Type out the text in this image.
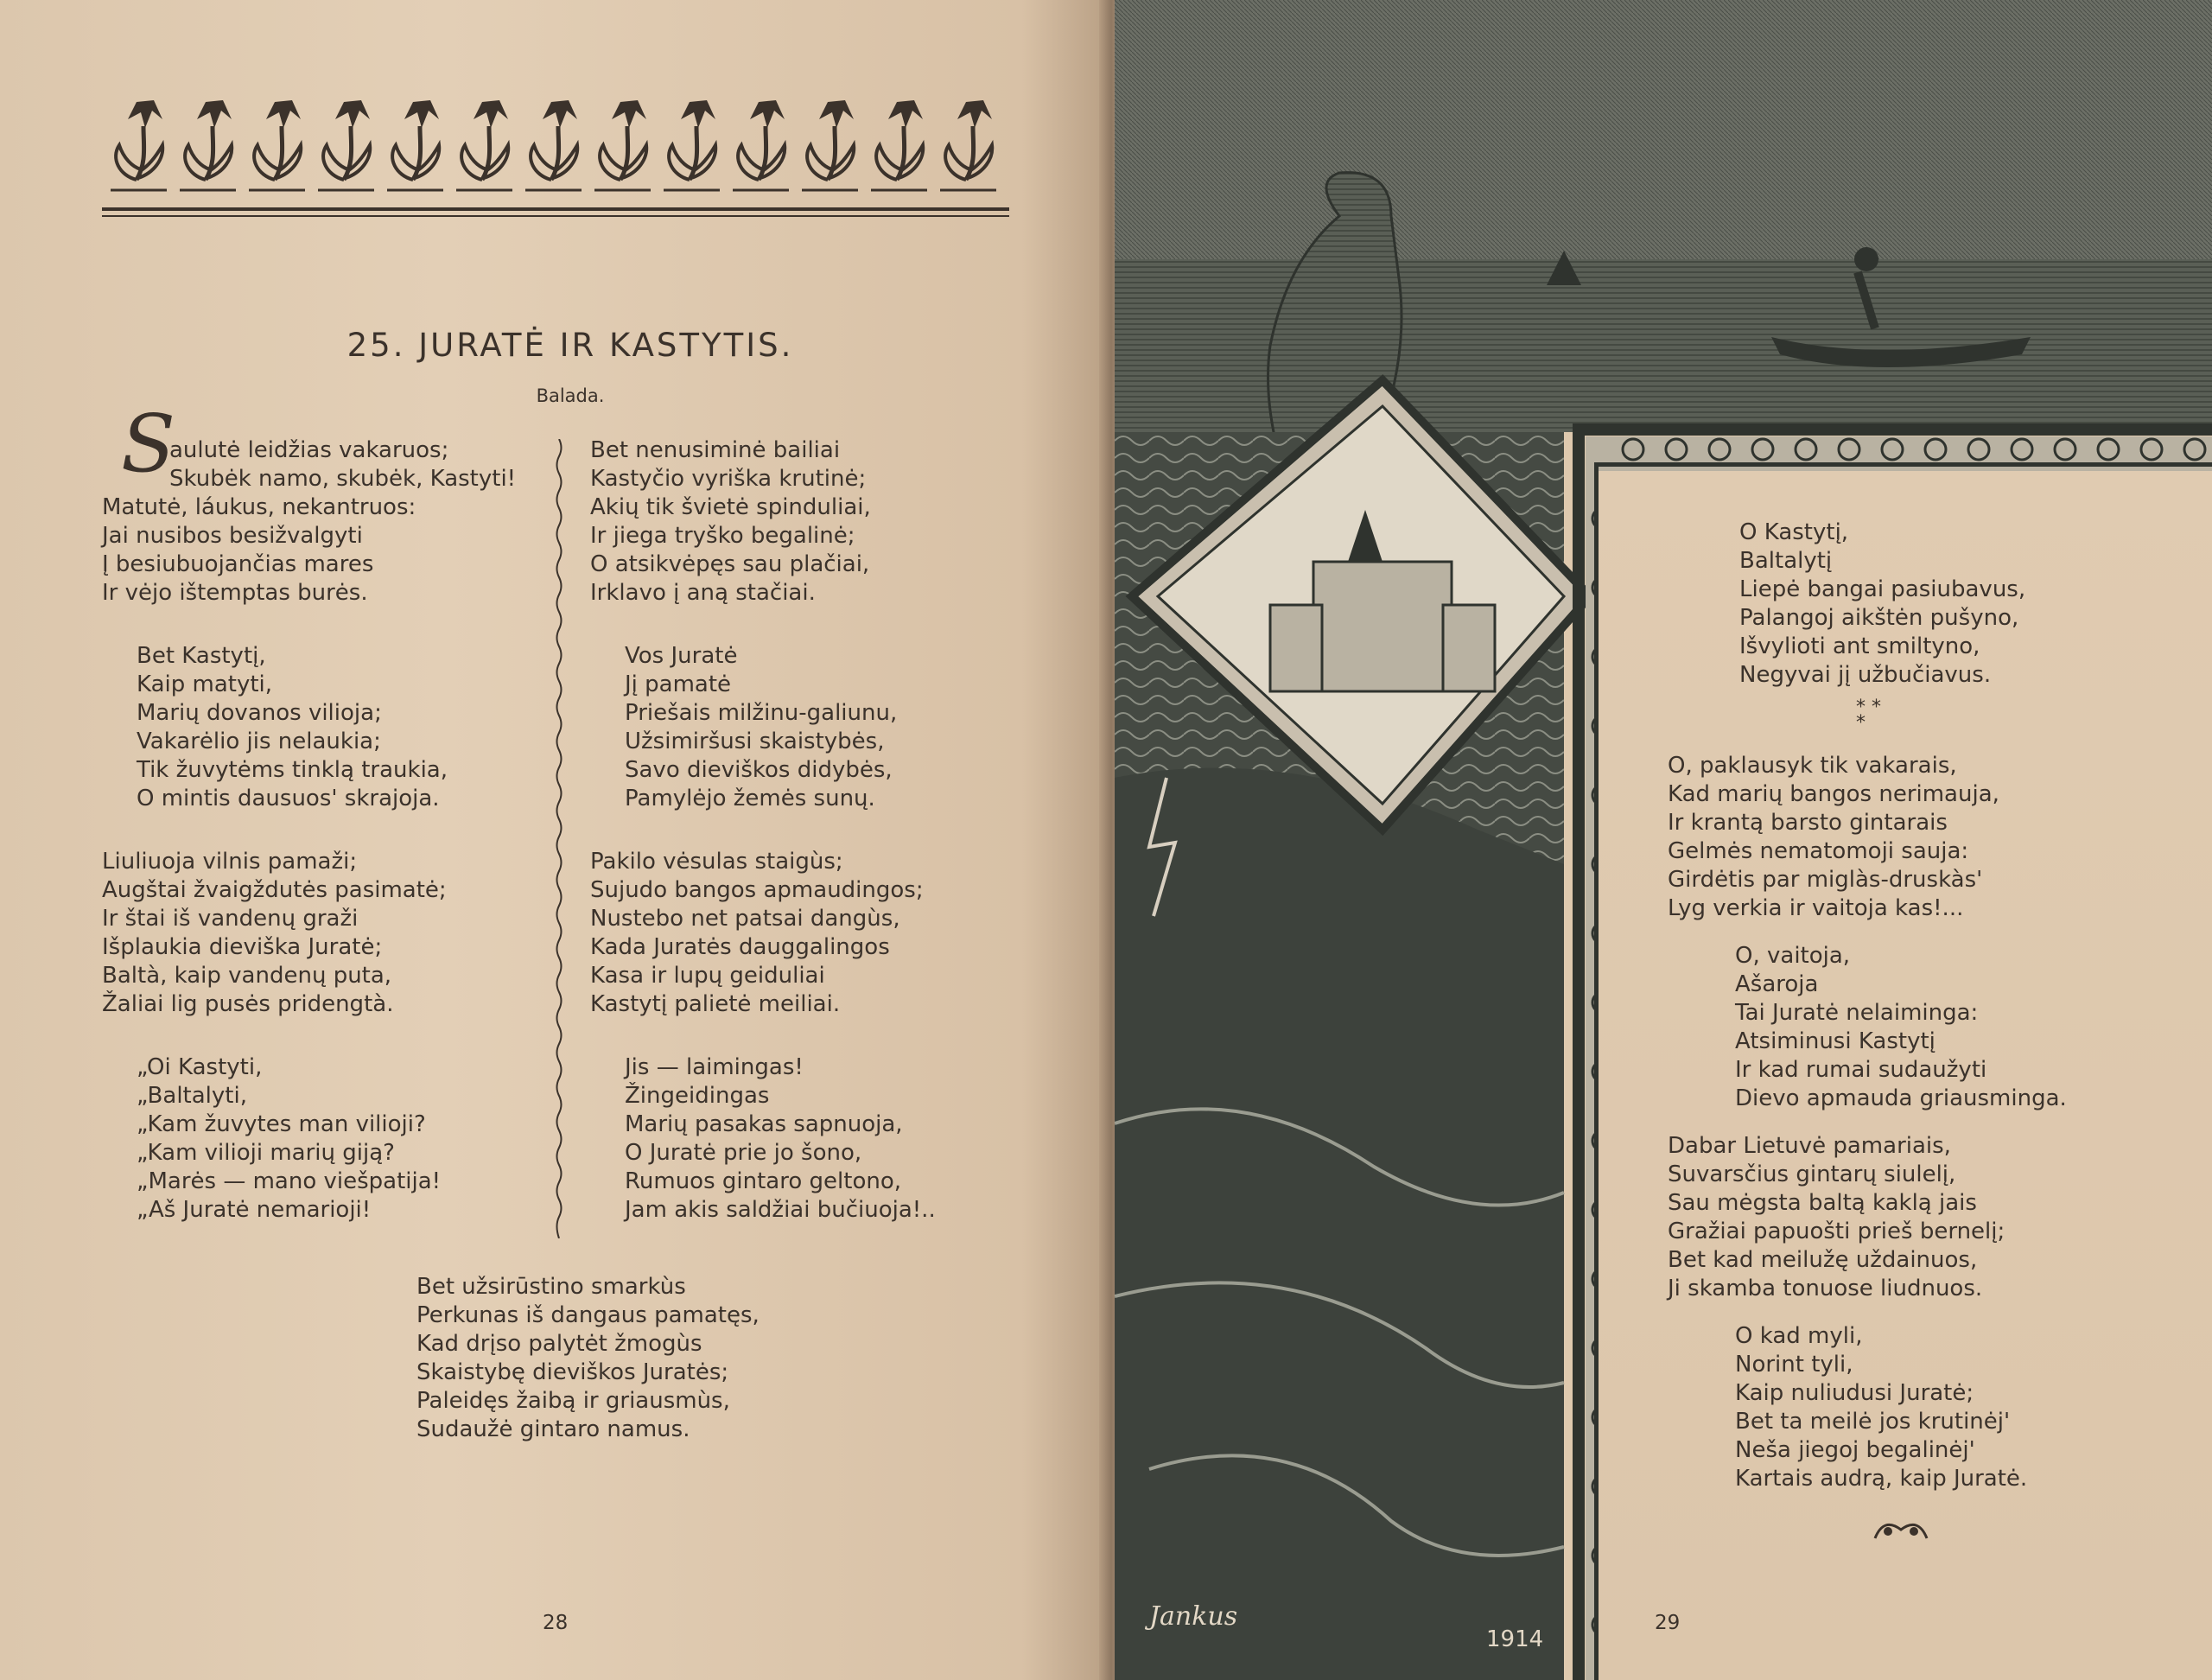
25. JURATĖ IR KASTYTIS.
Balada.
S
aulutė leidžias vakaruos;
Skubėk namo, skubėk, Kastyti!
Matutė, láukus, nekantruos:
Jai nusibos besižvalgyti
Į besiubuojančias mares
Ir vėjo ištemptas burės.
Bet Kastytį,
Kaip matyti,
Marių dovanos vilioja;
Vakarėlio jis nelaukia;
Tik žuvytėms tinklą traukia,
O mintis dausuos' skrajoja.
Liuliuoja vilnis pamaži;
Augštai žvaigždutės pasimatė;
Ir štai iš vandenų graži
Išplaukia dieviška Juratė;
Baltà, kaip vandenų puta,
Žaliai lig pusės pridengtà.
„Oi Kastyti,
„Baltalyti,
„Kam žuvytes man vilioji?
„Kam vilioji marių giją?
„Marės — mano viešpatija!
„Aš Juratė nemarioji!
Bet nenusiminė bailiai
Kastyčio vyriška krutinė;
Akių tik švietė spinduliai,
Ir jiega tryško begalinė;
O atsikvėpęs sau plačiai,
Irklavo į aną stačiai.
Vos Juratė
Jį pamatė
Priešais milžinu-galiunu,
Užsimiršusi skaistybės,
Savo dieviškos didybės,
Pamylėjo žemės sunų.
Pakilo vėsulas staigùs;
Sujudo bangos apmaudingos;
Nustebo net patsai dangùs,
Kada Juratės dauggalingos
Kasa ir lupų geiduliai
Kastytį palietė meiliai.
Jis — laimingas!
Žingeidingas
Marių pasakas sapnuoja,
O Juratė prie jo šono,
Rumuos gintaro geltono,
Jam akis saldžiai bučiuoja!..
Bet užsirūstino smarkùs
Perkunas iš dangaus pamatęs,
Kad drįso palytėt žmogùs
Skaistybę dieviškos Juratės;
Paleidęs žaibą ir griausmùs,
Sudaužė gintaro namus.
28	Jankus
1914
O Kastytį,
Baltalytį
Liepė bangai pasiubavus,
Palangoj aikštėn pušyno,
Išvylioti ant smiltyno,
Negyvai jį užbučiavus.
* *
*
O, paklausyk tik vakarais,
Kad marių bangos nerimauja,
Ir krantą barsto gintarais
Gelmės nematomoji sauja:
Girdėtis par miglàs-druskàs'
Lyg verkia ir vaitoja kas!...
O, vaitoja,
Ašaroja
Tai Juratė nelaiminga:
Atsiminusi Kastytį
Ir kad rumai sudaužyti
Dievo apmauda griausminga.
Dabar Lietuvė pamariais,
Suvarsčius gintarų siulelį,
Sau mėgsta baltą kaklą jais
Gražiai papuošti prieš bernelį;
Bet kad meilužę uždainuos,
Ji skamba tonuose liudnuos.
O kad myli,
Norint tyli,
Kaip nuliudusi Juratė;
Bet ta meilė jos krutinėj'
Neša jiegoj begalinėj'
Kartais audrą, kaip Juratė.
29
